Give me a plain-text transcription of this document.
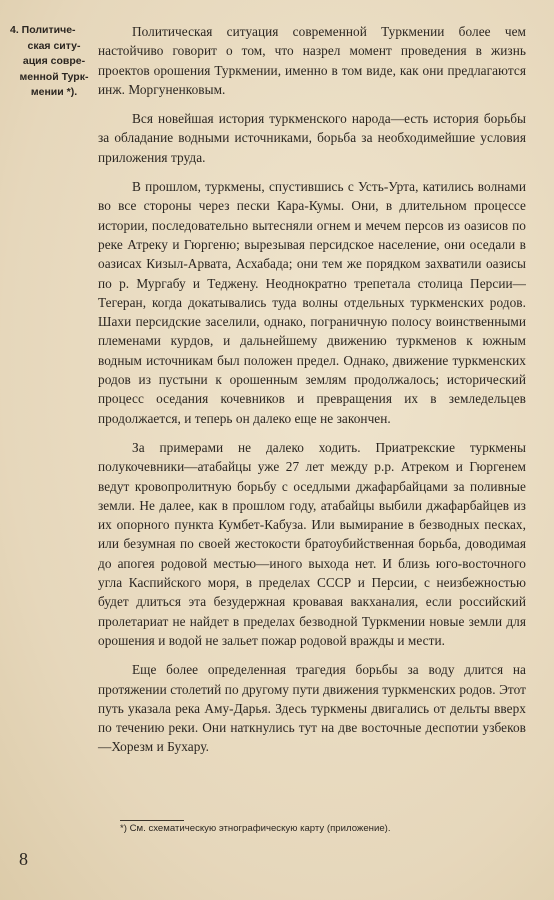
4. Политиче-
ская ситу-
ация совре-
менной Турк-
мении *).

Политическая ситуация современной Туркмении более чем настойчиво говорит о том, что назрел момент проведения в жизнь проектов орошения Туркмении, именно в том виде, как они предлагаются инж. Моргуненковым.

Вся новейшая история туркменского народа—есть история борьбы за обладание водными источниками, борьба за необходимейшие условия приложения труда.

В прошлом, туркмены, спустившись с Усть-Урта, катились волнами во все стороны через пески Кара-Кумы. Они, в длительном процессе истории, последовательно вытесняли огнем и мечем персов из оазисов по реке Атреку и Гюргеню; вырезывая персидское население, они оседали в оазисах Кизыл-Арвата, Асхабада; они тем же порядком захватили оазисы по р. Мургабу и Теджену. Неоднократно трепетала столица Персии—Тегеран, когда докатывались туда волны отдельных туркменских родов. Шахи персидские заселили, однако, пограничную полосу воинственными племенами курдов, и дальнейшему движению туркменов к южным водным источникам был положен предел. Однако, движение туркменских родов из пустыни к орошенным землям продолжалось; исторический процесс оседания кочевников и превращения их в земледельцев продолжается, и теперь он далеко еще не закончен.

За примерами не далеко ходить. Приатрекские туркмены полукочевники—атабайцы уже 27 лет между р.р. Атреком и Гюргенем ведут кровопролитную борьбу с оседлыми джафарбайцами за поливные земли. Не далее, как в прошлом году, атабайцы выбили джафарбайцев из их опорного пункта Кумбет-Кабуза. Или вымирание в безводных песках, или безумная по своей жестокости братоубийственная борьба, доводимая до апогея родовой местью—иного выхода нет. И близь юго-восточного угла Каспийского моря, в пределах СССР и Персии, с неизбежностью будет длиться эта безудержная кровавая вакханалия, если российский пролетариат не найдет в пределах безводной Туркмении новые земли для орошения и водой не зальет пожар родовой вражды и мести.

Еще более определенная трагедия борьбы за воду длится на протяжении столетий по другому пути движения туркменских родов. Этот путь указала река Аму-Дарья. Здесь туркмены двигались от дельты вверх по течению реки. Они наткнулись тут на две восточные деспотии узбеков—Хорезм и Бухару.

*) См. схематическую этнографическую карту (приложение).
8
